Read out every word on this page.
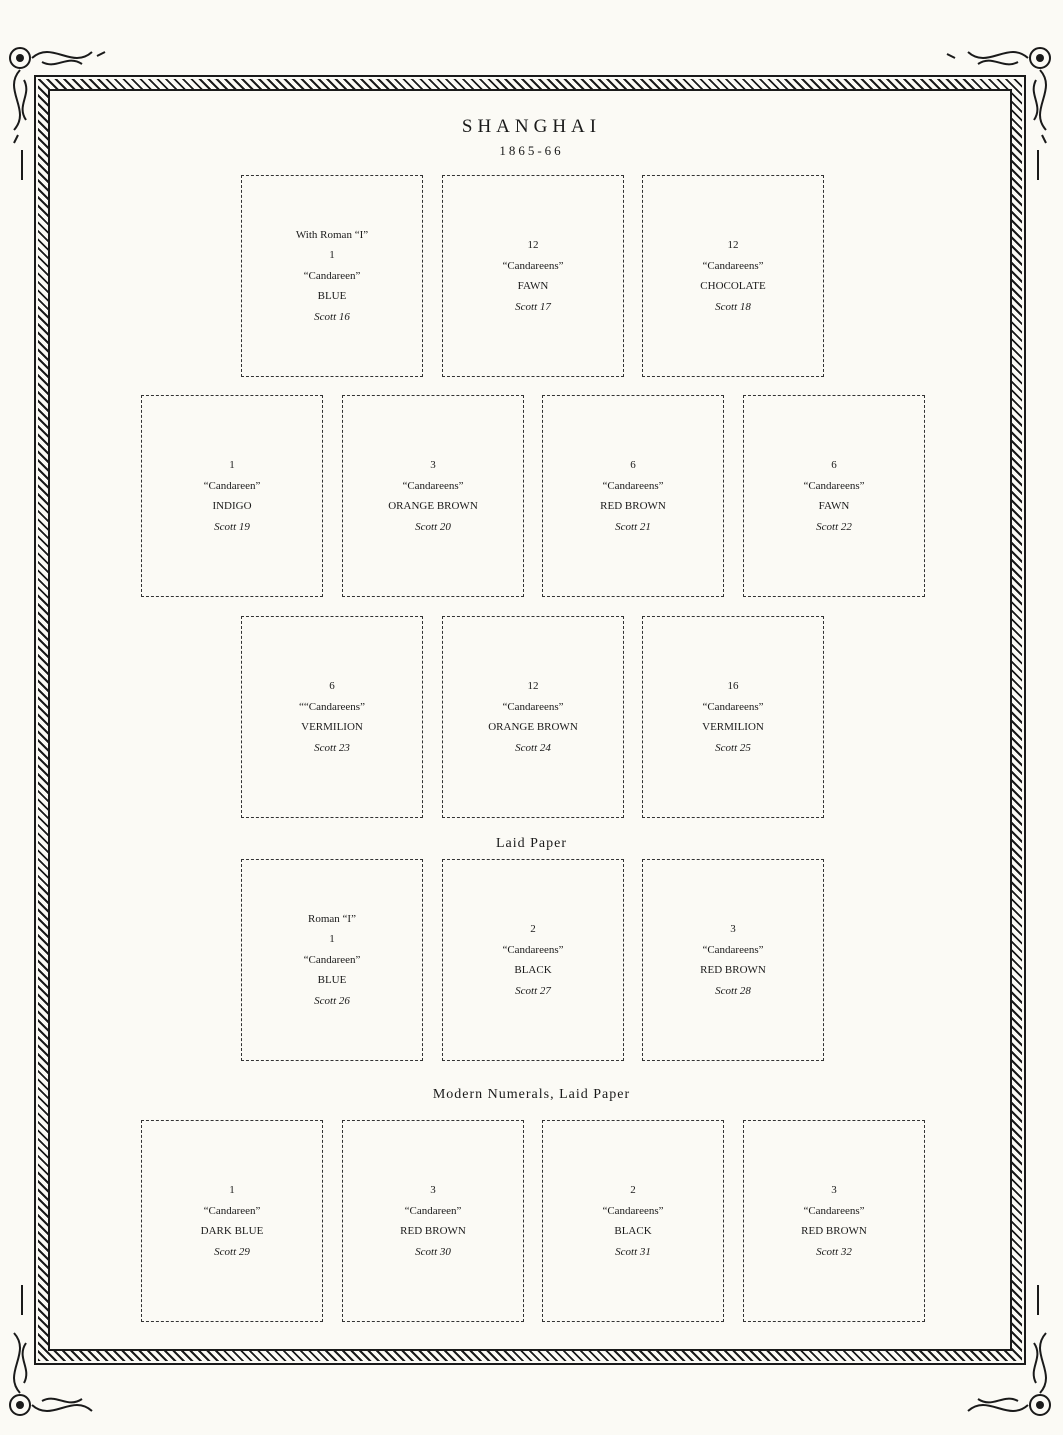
SHANGHAI
1865-66
Laid Paper
Modern Numerals, Laid Paper
With Roman “I”
1
“Candareen”
BLUE
Scott 16
12
“Candareens”
FAWN
Scott 17
12
“Candareens”
CHOCOLATE
Scott 18
1
“Candareen”
INDIGO
Scott 19
3
“Candareens”
ORANGE BROWN
Scott 20
6
“Candareens”
RED BROWN
Scott 21
6
“Candareens”
FAWN
Scott 22
6
““Candareens”
VERMILION
Scott 23
12
“Candareens”
ORANGE BROWN
Scott 24
16
“Candareens”
VERMILION
Scott 25
Roman “I”
1
“Candareen”
BLUE
Scott 26
2
“Candareens”
BLACK
Scott 27
3
“Candareens”
RED BROWN
Scott 28
1
“Candareen”
DARK BLUE
Scott 29
3
“Candareen”
RED BROWN
Scott 30
2
“Candareens”
BLACK
Scott 31
3
“Candareens”
RED BROWN
Scott 32
